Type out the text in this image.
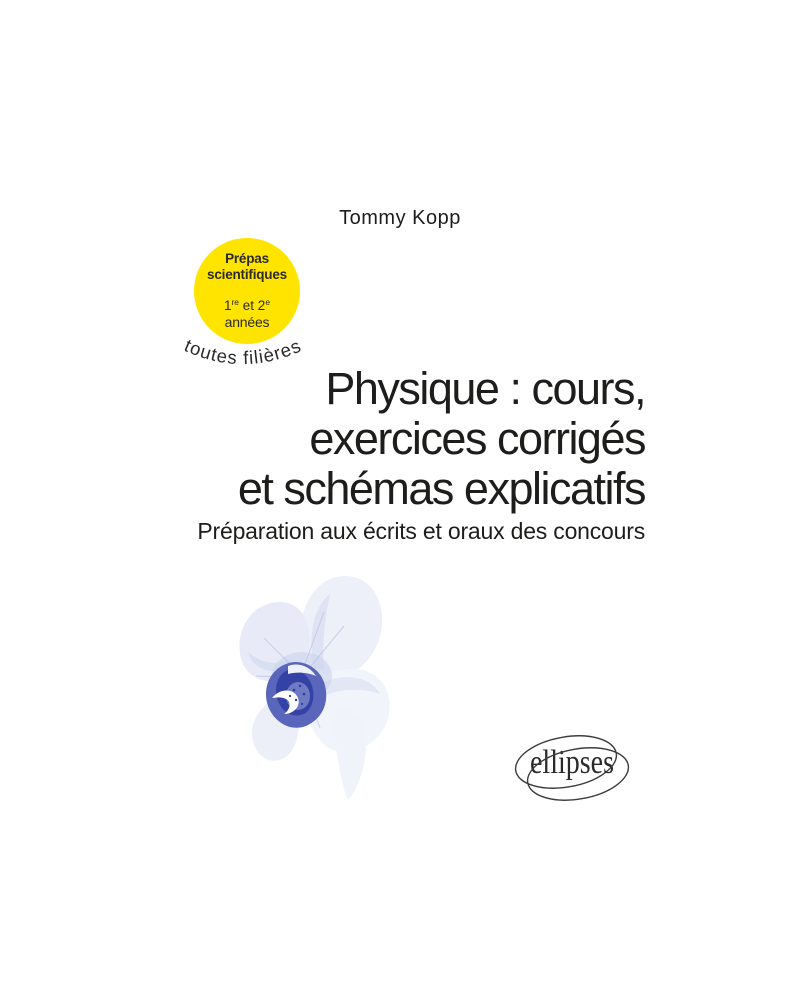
Tommy Kopp
Prépas
scientifiques
1re et 2e
années
toutes filières
Physique : cours,
exercices corrigés
et schémas explicatifs
Préparation aux écrits et oraux des concours
ellipses
